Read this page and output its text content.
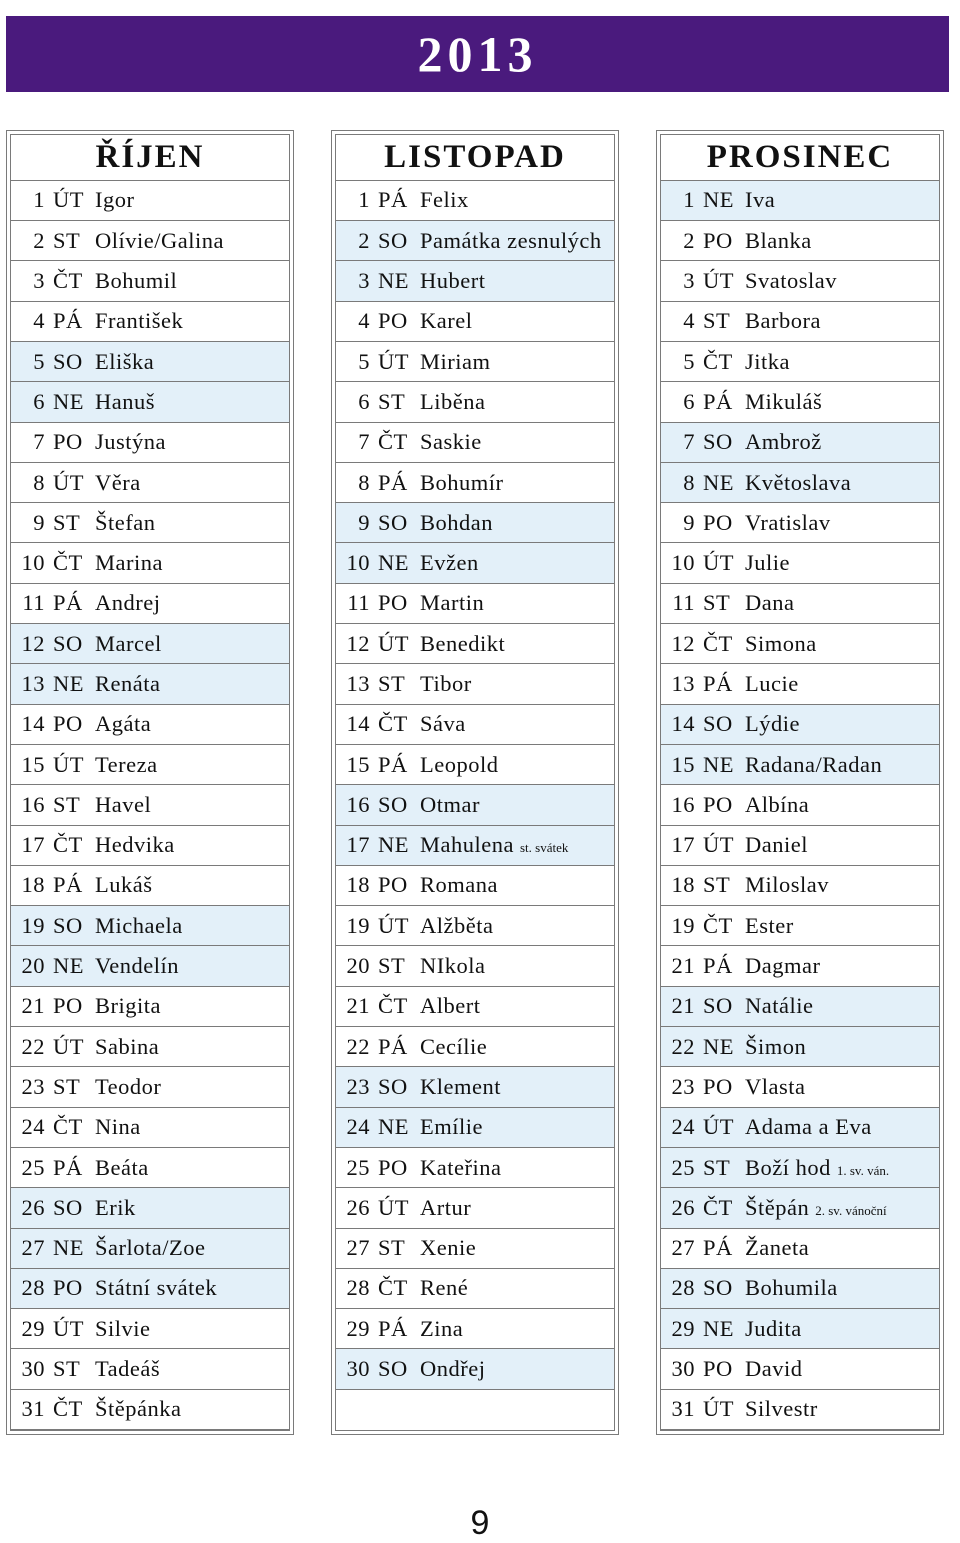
2013
ŘÍJEN
1 ÚT Igor
2 ST Olívie/Galina
3 ČT Bohumil
4 PÁ František
5 SO Eliška
6 NE Hanuš
7 PO Justýna
8 ÚT Věra
9 ST Štefan
10 ČT Marina
11 PÁ Andrej
12 SO Marcel
13 NE Renáta
14 PO Agáta
15 ÚT Tereza
16 ST Havel
17 ČT Hedvika
18 PÁ Lukáš
19 SO Michaela
20 NE Vendelín
21 PO Brigita
22 ÚT Sabina
23 ST Teodor
24 ČT Nina
25 PÁ Beáta
26 SO Erik
27 NE Šarlota/Zoe
28 PO Státní svátek
29 ÚT Silvie
30 ST Tadeáš
31 ČT Štěpánka
LISTOPAD
1 PÁ Felix
2 SO Památka zesnulých
3 NE Hubert
4 PO Karel
5 ÚT Miriam
6 ST Liběna
7 ČT Saskie
8 PÁ Bohumír
9 SO Bohdan
10 NE Evžen
11 PO Martin
12 ÚT Benedikt
13 ST Tibor
14 ČT Sáva
15 PÁ Leopold
16 SO Otmar
17 NE Mahulena st. svátek
18 PO Romana
19 ÚT Alžběta
20 ST NIkola
21 ČT Albert
22 PÁ Cecílie
23 SO Klement
24 NE Emílie
25 PO Kateřina
26 ÚT Artur
27 ST Xenie
28 ČT René
29 PÁ Zina
30 SO Ondřej
PROSINEC
1 NE Iva
2 PO Blanka
3 ÚT Svatoslav
4 ST Barbora
5 ČT Jitka
6 PÁ Mikuláš
7 SO Ambrož
8 NE Květoslava
9 PO Vratislav
10 ÚT Julie
11 ST Dana
12 ČT Simona
13 PÁ Lucie
14 SO Lýdie
15 NE Radana/Radan
16 PO Albína
17 ÚT Daniel
18 ST Miloslav
19 ČT Ester
21 PÁ Dagmar
21 SO Natálie
22 NE Šimon
23 PO Vlasta
24 ÚT Adama a Eva
25 ST Boží hod 1. sv. ván.
26 ČT Štěpán 2. sv. vánoční
27 PÁ Žaneta
28 SO Bohumila
29 NE Judita
30 PO David
31 ÚT Silvestr
9
